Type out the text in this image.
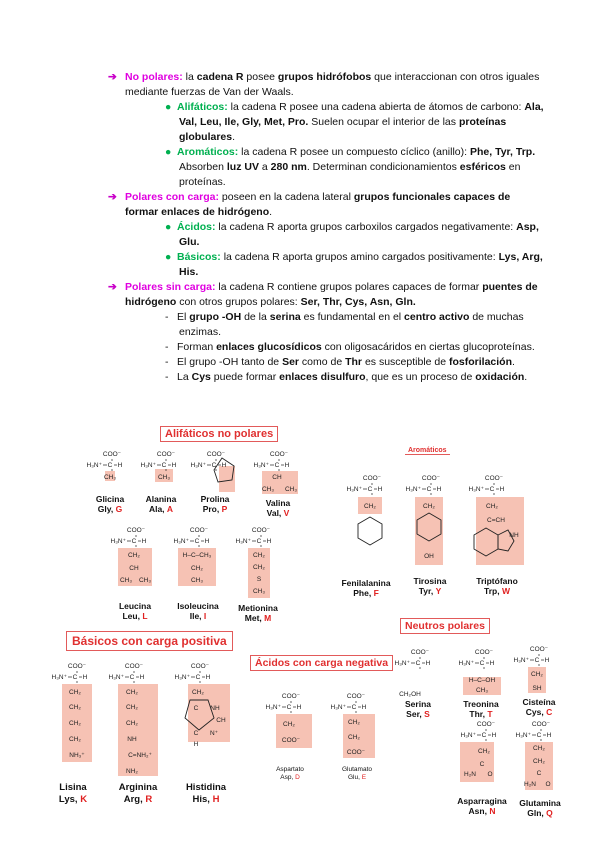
➔ No polares: la cadena R posee grupos hidrófobos que interaccionan con otros iguales mediante fuerzas de Van der Waals.

● Alifáticos: la cadena R posee una cadena abierta de átomos de carbono: Ala, Val, Leu, Ile, Gly, Met, Pro. Suelen ocupar el interior de las proteínas globulares.

● Aromáticos: la cadena R posee un compuesto cíclico (anillo): Phe, Tyr, Trp. Absorben luz UV a 280 nm. Determinan condicionamientos esféricos en proteínas.

➔ Polares con carga: poseen en la cadena lateral grupos funcionales capaces de formar enlaces de hidrógeno.

● Ácidos: la cadena R aporta grupos carboxilos cargados negativamente: Asp, Glu.

● Básicos: la cadena R aporta grupos amino cargados positivamente: Lys, Arg, His.

➔ Polares sin carga: la cadena R contiene grupos polares capaces de formar puentes de hidrógeno con otros grupos polares: Ser, Thr, Cys, Asn, Gln.

- El grupo -OH de la serina es fundamental en el centro activo de muchas enzimas.

- Forman enlaces glucosídicos con oligosacáridos en ciertas glucoproteínas.

- El grupo -OH tanto de Ser como de Thr es susceptible de fosforilación.

- La Cys puede formar enlaces disulfuro, que es un proceso de oxidación.

Alifáticos no polares
Aromáticos
Básicos con carga positiva
Ácidos con carga negativa
Neutros polares
COO⁻
H₃N⁺ C H
COO⁻
H₃N⁺ C H
COO⁻
H₃N⁺ C H
COO⁻
H₃N⁺ C H
COO⁻
H₃N⁺ C H
COO⁻
H₃N⁺ C H
COO⁻
H₃N⁺ C H
COO⁻
H₃N⁺ C H
COO⁻
H₃N⁺ C H
COO⁻
H₃N⁺ C H
COO⁻
H₃N⁺ C H
COO⁻
H₃N⁺ C H
COO⁻
H₃N⁺ C H
COO⁻
H₃N⁺ C H
COO⁻
H₃N⁺ C H
COO⁻
H₃N⁺ C H
COO⁻
H₃N⁺ C H
COO⁻
H₃N⁺ C H
COO⁻
H₃N⁺ C H
COO⁻
H₃N⁺ C H
CH₃	CH₃	CH
CH₃ CH₃
CH₂
CH
CH₃ CH₃
H–C–CH₃
CH₂
CH₃
CH₂
CH₂
S
CH₃
CH₂	CH₂
OH
CH₂
C=CH
NH
CH₂
CH₂
CH₂
CH₂
NH₃⁺
CH₂
CH₂
CH₂
NH
C=NH₂⁺
NH₂
CH₂
C NH
CH
N⁺
C
H
CH₂
COO⁻
CH₂
CH₂
COO⁻
H–C–OH
CH₃
CH₂
SH
CH₂
C
H₂N O
CH₂
CH₂
C
H₂N O
CH₂OH
Glicina
Gly, G
Alanina
Ala, A
Prolina
Pro, P
Valina
Val, V
Leucina
Leu, L
Isoleucina
Ile, I
Metionina
Met, M
Fenilalanina
Phe, F
Tirosina
Tyr, Y
Triptófano
Trp, W
Lisina
Lys, K
Arginina
Arg, R
Histidina
His, H
Aspartato
Asp, D
Glutamato
Glu, E
Serina
Ser, S
Treonina
Thr, T
Cisteína
Cys, C
Asparragina
Asn, N
Glutamina
Gln, Q
